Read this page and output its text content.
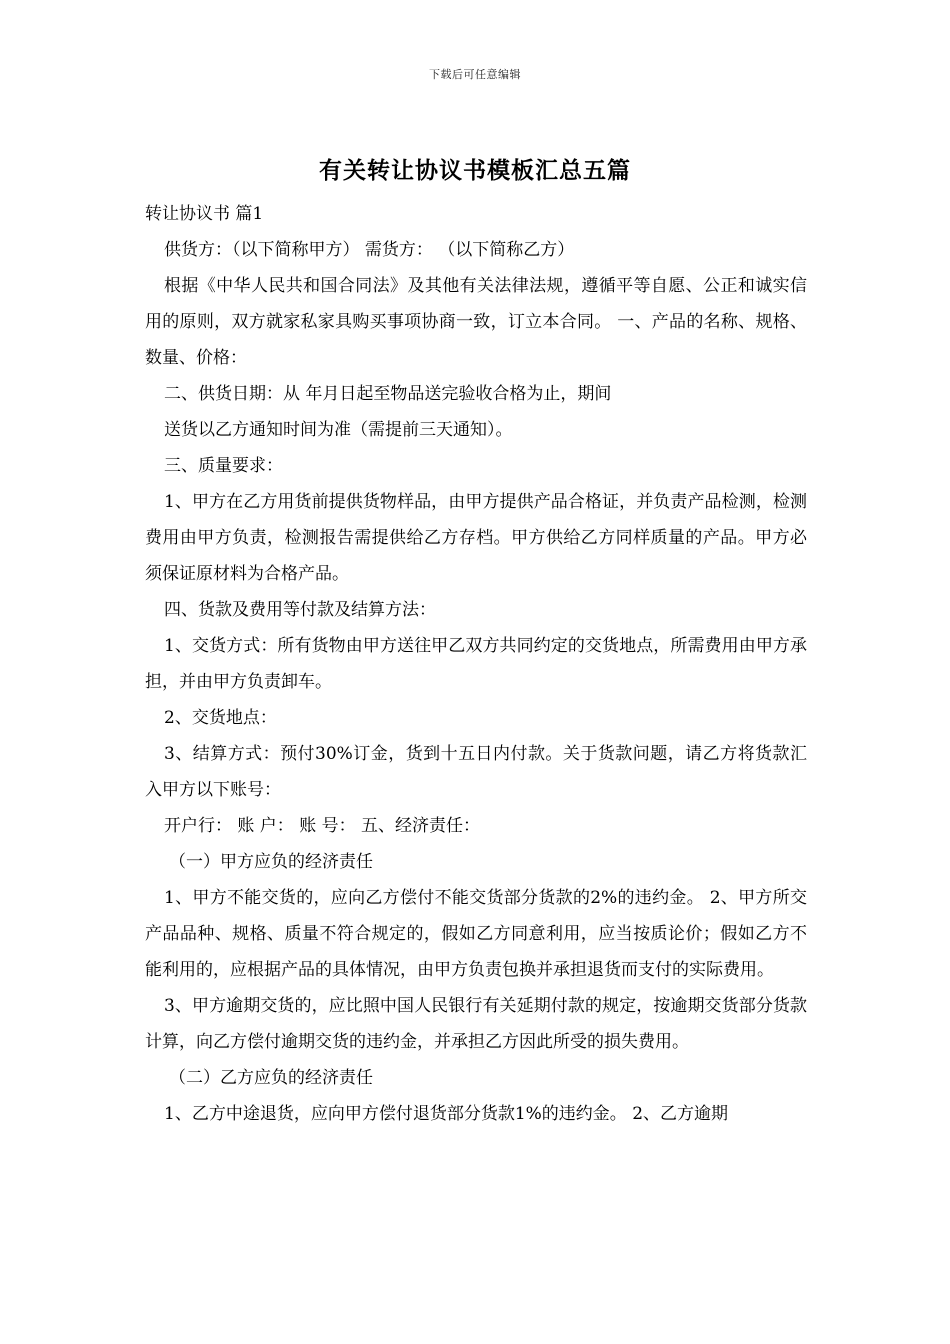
下载后可任意编辑
有关转让协议书模板汇总五篇

转让协议书 篇1

供货方：（以下简称甲方） 需货方： （以下简称乙方）

根据《中华人民共和国合同法》及其他有关法律法规，遵循平等自愿、公正和诚实信用的原则，双方就家私家具购买事项协商一致，订立本合同。 一、产品的名称、规格、数量、价格：

二、供货日期：从 年月日起至物品送完验收合格为止，期间

送货以乙方通知时间为准（需提前三天通知）。

三、质量要求：

1、甲方在乙方用货前提供货物样品，由甲方提供产品合格证，并负责产品检测，检测费用由甲方负责，检测报告需提供给乙方存档。甲方供给乙方同样质量的产品。甲方必须保证原材料为合格产品。

四、货款及费用等付款及结算方法：

1、交货方式：所有货物由甲方送往甲乙双方共同约定的交货地点，所需费用由甲方承担，并由甲方负责卸车。

2、交货地点：

3、结算方式：预付30%订金，货到十五日内付款。关于货款问题，请乙方将货款汇入甲方以下账号：

开户行： 账 户： 账 号： 五、经济责任：

（一）甲方应负的经济责任

1、甲方不能交货的，应向乙方偿付不能交货部分货款的2%的违约金。 2、甲方所交产品品种、规格、质量不符合规定的，假如乙方同意利用，应当按质论价；假如乙方不能利用的，应根据产品的具体情况，由甲方负责包换并承担退货而支付的实际费用。

3、甲方逾期交货的，应比照中国人民银行有关延期付款的规定，按逾期交货部分货款计算，向乙方偿付逾期交货的违约金，并承担乙方因此所受的损失费用。

（二）乙方应负的经济责任

1、乙方中途退货，应向甲方偿付退货部分货款1%的违约金。 2、乙方逾期
